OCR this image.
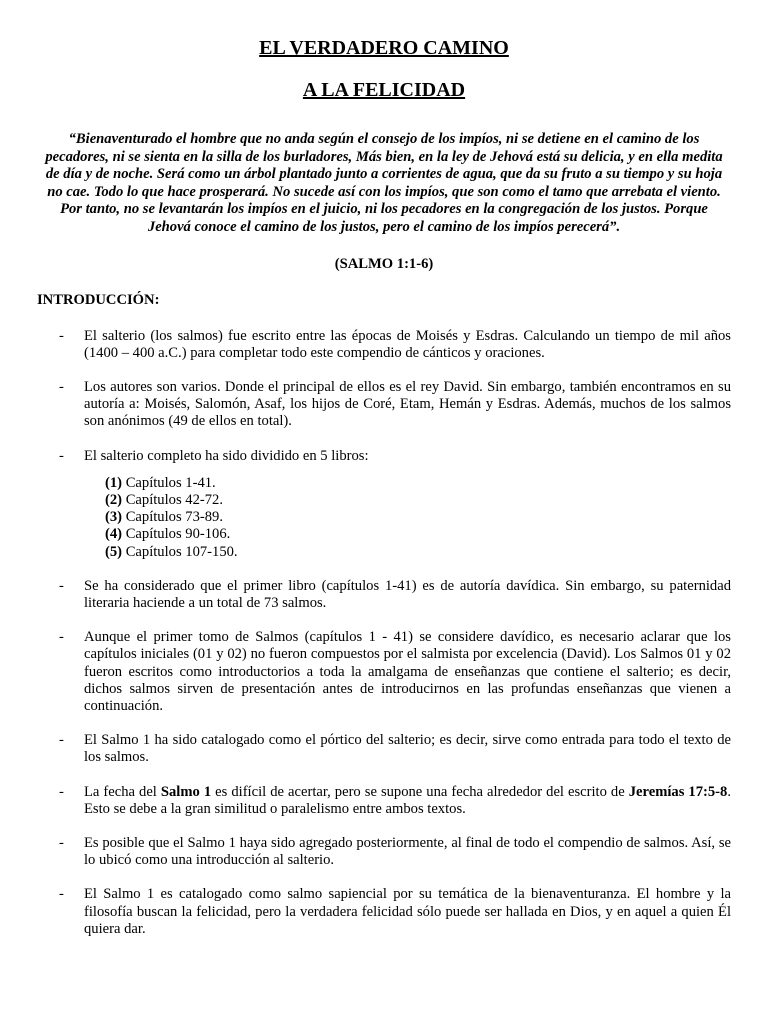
EL VERDADERO CAMINO
A LA FELICIDAD

“Bienaventurado el hombre que no anda según el consejo de los impíos, ni se detiene en el camino de los pecadores, ni se sienta en la silla de los burladores, Más bien, en la ley de Jehová está su delicia, y en ella medita de día y de noche. Será como un árbol plantado junto a corrientes de agua, que da su fruto a su tiempo y su hoja no cae. Todo lo que hace prosperará. No sucede así con los impíos, que son como el tamo que arrebata el viento. Por tanto, no se levantarán los impíos en el juicio, ni los pecadores en la congregación de los justos. Porque Jehová conoce el camino de los justos, pero el camino de los impíos perecerá”.

(SALMO 1:1-6)
INTRODUCCIÓN:
-	El salterio (los salmos) fue escrito entre las épocas de Moisés y Esdras. Calculando un tiempo de mil años (1400 – 400 a.C.) para completar todo este compendio de cánticos y oraciones.
-	Los autores son varios. Donde el principal de ellos es el rey David. Sin embargo, también encontramos en su autoría a: Moisés, Salomón, Asaf, los hijos de Coré, Etam, Hemán y Esdras. Además, muchos de los salmos son anónimos (49 de ellos en total).
-	El salterio completo ha sido dividido en 5 libros:
(1) Capítulos 1-41.
(2) Capítulos 42-72.
(3) Capítulos 73-89.
(4) Capítulos 90-106.
(5) Capítulos 107-150.
-	Se ha considerado que el primer libro (capítulos 1-41) es de autoría davídica. Sin embargo, su paternidad literaria haciende a un total de 73 salmos.
-	Aunque el primer tomo de Salmos (capítulos 1 - 41) se considere davídico, es necesario aclarar que los capítulos iniciales (01 y 02) no fueron compuestos por el salmista por excelencia (David). Los Salmos 01 y 02 fueron escritos como introductorios a toda la amalgama de enseñanzas que contiene el salterio; es decir, dichos salmos sirven de presentación antes de introducirnos en las profundas enseñanzas que vienen a continuación.
-	El Salmo 1 ha sido catalogado como el pórtico del salterio; es decir, sirve como entrada para todo el texto de los salmos.
-	La fecha del Salmo 1 es difícil de acertar, pero se supone una fecha alrededor del escrito de Jeremías 17:5-8. Esto se debe a la gran similitud o paralelismo entre ambos textos.
-	Es posible que el Salmo 1 haya sido agregado posteriormente, al final de todo el compendio de salmos. Así, se lo ubicó como una introducción al salterio.
-	El Salmo 1 es catalogado como salmo sapiencial por su temática de la bienaventuranza. El hombre y la filosofía buscan la felicidad, pero la verdadera felicidad sólo puede ser hallada en Dios, y en aquel a quien Él quiera dar.
